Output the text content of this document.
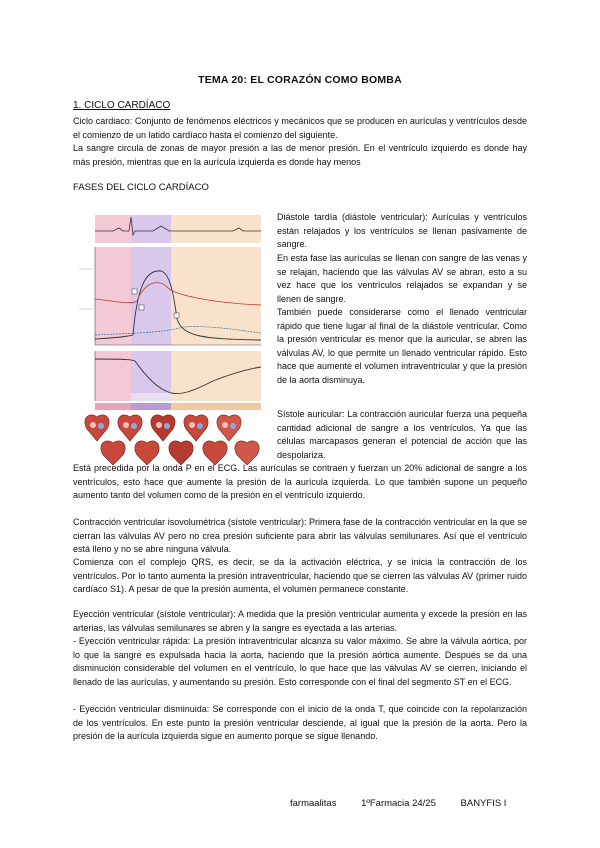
TEMA 20: EL CORAZÓN COMO BOMBA
1. CICLO CARDÍACO
Ciclo cardiaco: Conjunto de fenómenos eléctricos y mecánicos que se producen en aurículas y ventrículos desde el comienzo de un latido cardíaco hasta el comienzo del siguiente.
La sangre circula de zonas de mayor presión a las de menor presión. En el ventrículo izquierdo es donde hay más presión, mientras que en la aurícula izquierda es donde hay menos
FASES DEL CICLO CARDÍACO
Diástole tardía (diástole ventricular): Aurículas y ventrículos están relajados y los ventrículos se llenan pasivamente de sangre.
En esta fase las aurículas se llenan con sangre de las venas y se relajan, haciendo que las válvulas AV se abran, esto a su vez hace que los ventrículos relajados se expandan y se llenen de sangre.
También puede considerarse como el llenado ventricular rápido que tiene lugar al final de la diástole ventricular. Como la presión ventricular es menor que la auricular, se abren las válvulas AV, lo que permite un llenado ventricular rápido. Esto hace que aumente el volumen intraventricular y que la presión de la aorta disminuya.
Sístole auricular: La contracción auricular fuerza una pequeña cantidad adicional de sangre a los ventrículos. Ya que las células marcapasos generan el potencial de acción que las despolariza.
Está precedida por la onda P en el ECG. Las aurículas se contraen y fuerzan un 20% adicional de sangre a los ventrículos, esto hace que aumente la presión de la aurícula izquierda. Lo que también supone un pequeño aumento tanto del volumen como de la presión en el ventrículo izquierdo.
Contracción ventricular isovolumétrica (sístole ventricular): Primera fase de la contracción ventricular en la que se cierran las válvulas AV pero no crea presión suficiente para abrir las válvulas semilunares. Así que el ventrículo está lleno y no se abre ninguna válvula.
Comienza con el complejo QRS, es decir, se da la activación eléctrica, y se inicia la contracción de los ventrículos. Por lo tanto aumenta la presión intraventricular, haciendo que se cierren las válvulas AV (primer ruido cardíaco S1). A pesar de que la presión aumenta, el volumen permanece constante.
Eyección ventricular (sístole ventricular): A medida que la presión ventricular aumenta y excede la presión en las arterias, las válvulas semilunares se abren y la sangre es eyectada a las arterias.
- Eyección ventricular rápida: La presión intraventricular alcanza su valor máximo. Se abre la válvula aórtica, por lo que la sangre es expulsada hacia la aorta, haciendo que la presión aórtica aumente. Después se da una disminución considerable del volumen en el ventrículo, lo que hace que las válvulas AV se cierren, iniciando el llenado de las aurículas, y aumentando su presión. Esto corresponde con el final del segmento ST en el ECG.
- Eyección ventricular disminuida: Se corresponde con el inicio de la onda T, que coincide con la repolarización de los ventrículos. En este punto la presión ventricular desciende, al igual que la presión de la aorta. Pero la presión de la aurícula izquierda sigue en aumento porque se sigue llenando.
farmaalitas	1ºFarmacia 24/25	BANYFIS I
